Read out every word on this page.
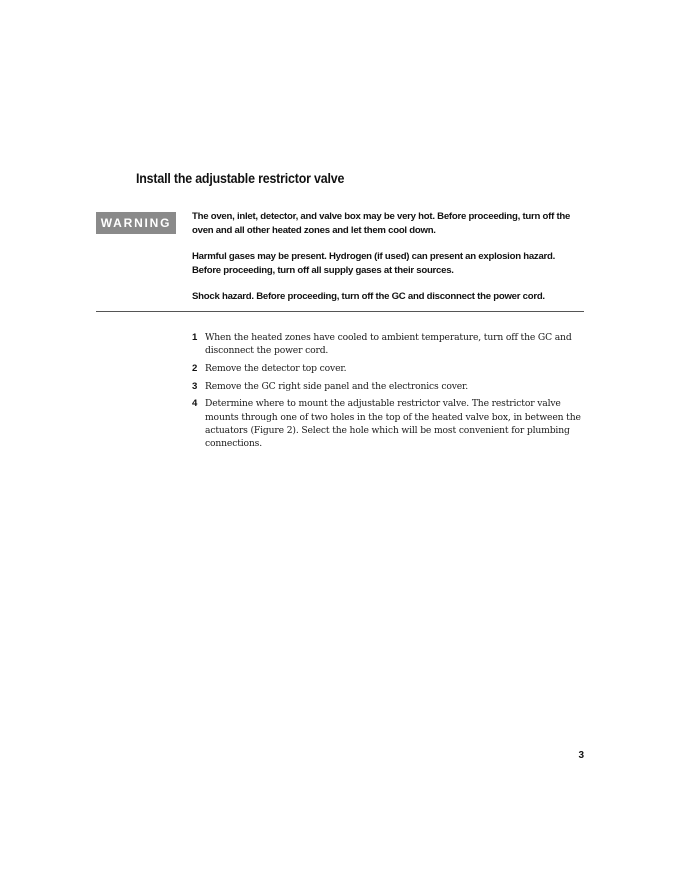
Install the adjustable restrictor valve
WARNING	The oven, inlet, detector, and valve box may be very hot. Before proceeding, turn off the oven and all other heated zones and let them cool down.

Harmful gases may be present. Hydrogen (if used) can present an explosion hazard. Before proceeding, turn off all supply gases at their sources.

Shock hazard. Before proceeding, turn off the GC and disconnect the power cord.

1 When the heated zones have cooled to ambient temperature, turn off the GC and disconnect the power cord.
2 Remove the detector top cover.
3 Remove the GC right side panel and the electronics cover.
4 Determine where to mount the adjustable restrictor valve. The restrictor valve mounts through one of two holes in the top of the heated valve box, in between the actuators (Figure 2). Select the hole which will be most convenient for plumbing connections.
3
